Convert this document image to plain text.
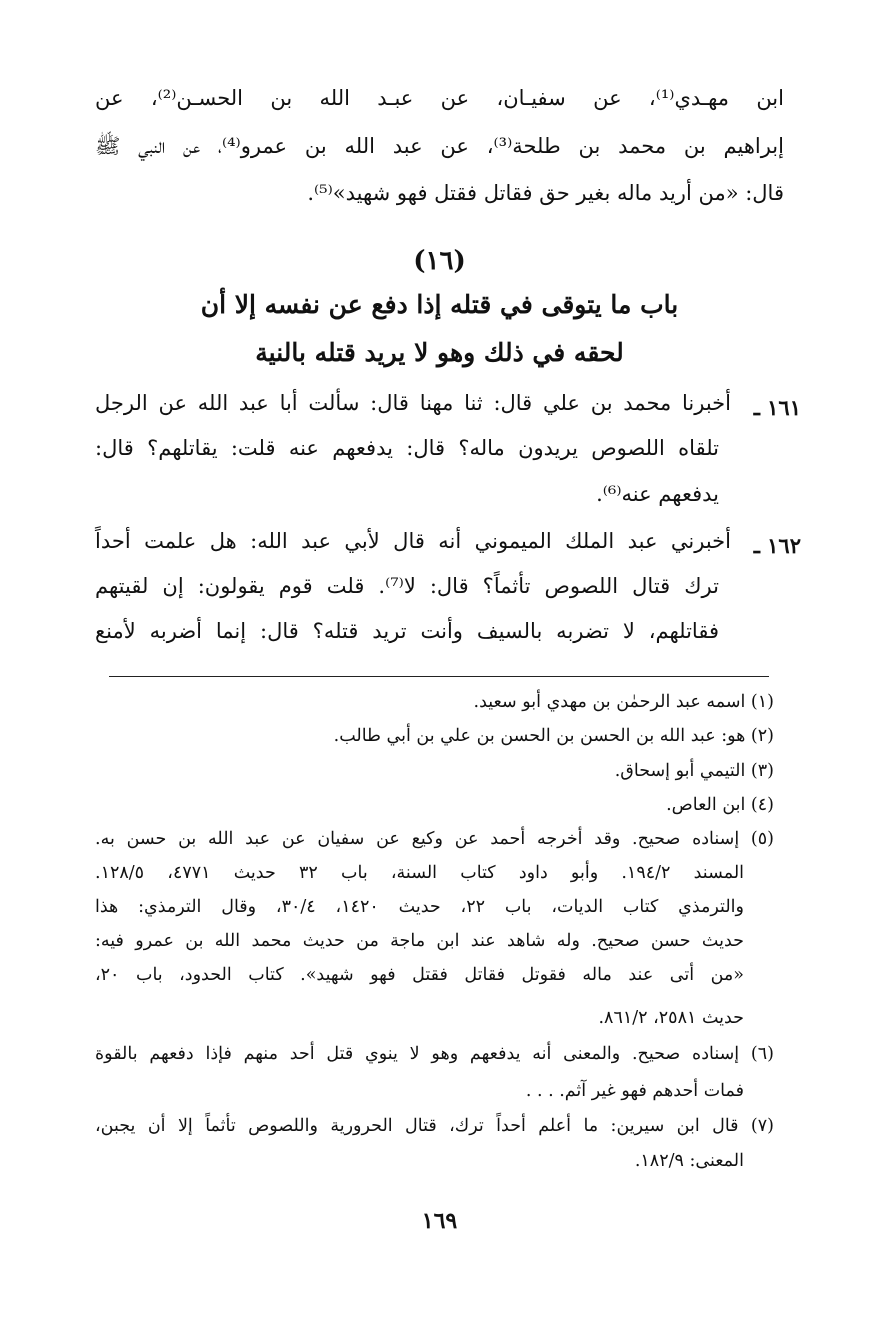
ابن مهـدي⁽¹⁾، عن سفيـان، عن عبـد الله بن الحسـن⁽²⁾، عن
إبراهيم بن محمد بن طلحة⁽³⁾، عن عبد الله بن عمرو⁽⁴⁾، عن النبي ﷺ
قال: «من أريد ماله بغير حق فقاتل فقتل فهو شهيد»⁽⁵⁾.
(١٦)
باب ما يتوقى في قتله إذا دفع عن نفسه إلا أن
لحقه في ذلك وهو لا يريد قتله بالنية
١٦١ ـ
أخبرنا محمد بن علي قال: ثنا مهنا قال: سألت أبا عبد الله عن الرجل
تلقاه اللصوص يريدون ماله؟ قال: يدفعهم عنه قلت: يقاتلهم؟ قال:
يدفعهم عنه⁽⁶⁾.
١٦٢ ـ
أخبرني عبد الملك الميموني أنه قال لأبي عبد الله: هل علمت أحداً
ترك قتال اللصوص تأثماً؟ قال: لا⁽⁷⁾. قلت قوم يقولون: إن لقيتهم
فقاتلهم، لا تضربه بالسيف وأنت تريد قتله؟ قال: إنما أضربه لأمنع
(١) اسمه عبد الرحمٰن بن مهدي أبو سعيد.
(٢) هو: عبد الله بن الحسن بن الحسن بن علي بن أبي طالب.
(٣) التيمي أبو إسحاق.
(٤) ابن العاص.
(٥) إسناده صحيح. وقد أخرجه أحمد عن وكيع عن سفيان عن عبد الله بن حسن به.
المسند ١٩٤/٢. وأبو داود كتاب السنة، باب ٣٢ حديث ٤٧٧١، ١٢٨/٥.
والترمذي كتاب الديات، باب ٢٢، حديث ١٤٢٠، ٣٠/٤، وقال الترمذي: هذا
حديث حسن صحيح. وله شاهد عند ابن ماجة من حديث محمد الله بن عمرو فيه:
«من أتى عند ماله فقوتل فقاتل فقتل فهو شهيد». كتاب الحدود، باب ٢٠،
حديث ٢٥٨١، ٨٦١/٢.
(٦) إسناده صحيح. والمعنى أنه يدفعهم وهو لا ينوي قتل أحد منهم فإذا دفعهم بالقوة
فمات أحدهم فهو غير آثم. . . .
(٧) قال ابن سيرين: ما أعلم أحداً ترك، قتال الحرورية واللصوص تأثماً إلا أن يجبن،
المعنى: ١٨٢/٩.
١٦٩
